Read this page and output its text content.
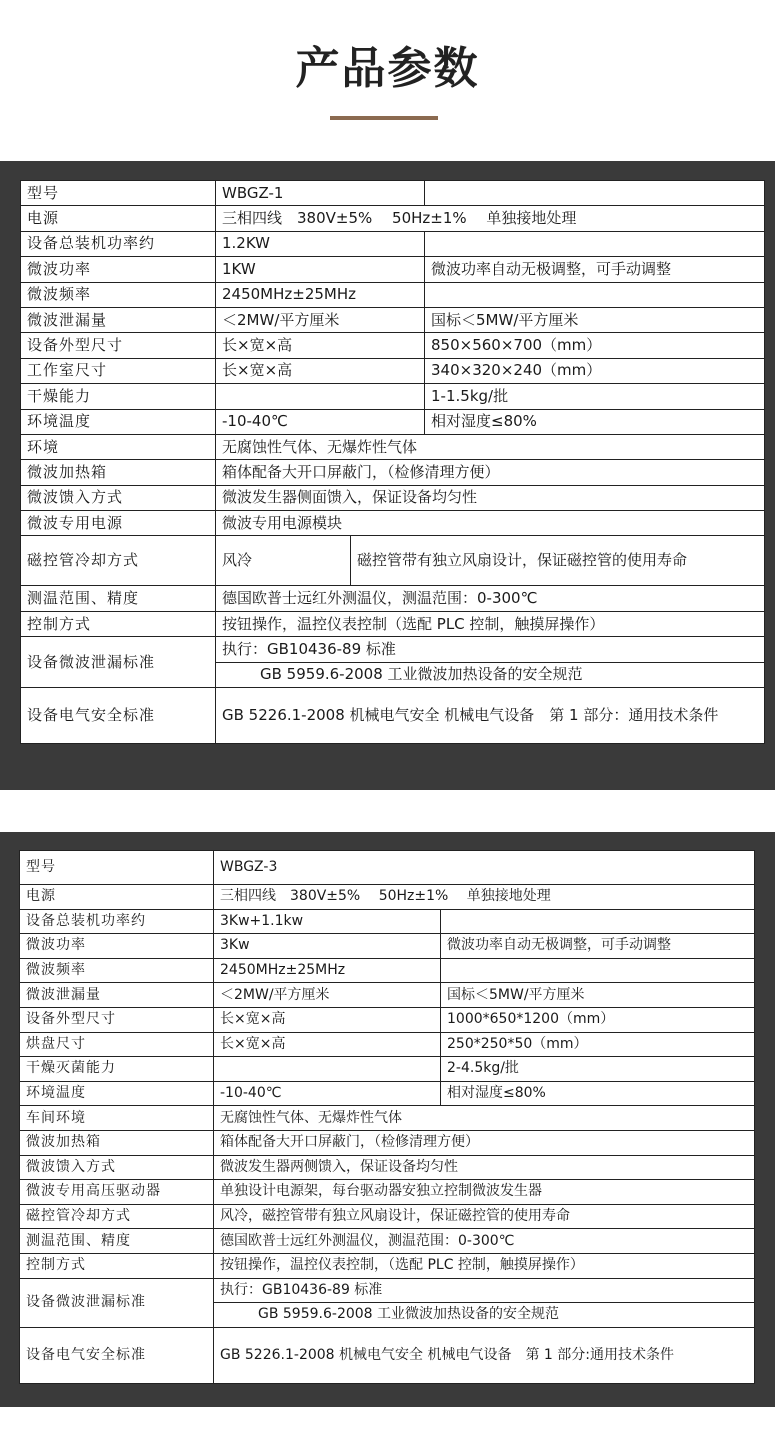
产品参数
型号	WBGZ-1		
电源	三相四线　380V±5%　 50Hz±1%　 单独接地处理		
设备总装机功率约	1.2KW		
微波功率	1KW		微波功率自动无极调整，可手动调整
微波频率	2450MHz±25MHz		
微波泄漏量	＜2MW/平方厘米		国标＜5MW/平方厘米
设备外型尺寸	长×宽×高		850×560×700（mm）
工作室尺寸	长×宽×高		340×320×240（mm）
干燥能力			1-1.5kg/批
环境温度	-10-40℃		相对湿度≤80%
环境	无腐蚀性气体、无爆炸性气体		
微波加热箱	箱体配备大开口屏蔽门，（检修清理方便）		
微波馈入方式	微波发生器侧面馈入，保证设备均匀性		
微波专用电源	微波专用电源模块		
磁控管冷却方式	风冷	磁控管带有独立风扇设计，保证磁控管的使用寿命	
测温范围、精度	德国欧普士远红外测温仪，测温范围：0-300℃		
控制方式	按钮操作，温控仪表控制（选配 PLC 控制，触摸屏操作）		
设备微波泄漏标准	执行：GB10436-89 标准		
	GB 5959.6-2008 工业微波加热设备的安全规范		
设备电气安全标准	GB 5226.1-2008 机械电气安全 机械电气设备　第 1 部分：通用技术条件		
型号	WBGZ-3	
电源	三相四线　380V±5%　 50Hz±1%　 单独接地处理	
设备总装机功率约	3Kw+1.1kw	
微波功率	3Kw	微波功率自动无极调整，可手动调整
微波频率	2450MHz±25MHz	
微波泄漏量	＜2MW/平方厘米	国标＜5MW/平方厘米
设备外型尺寸	长×宽×高	1000*650*1200（mm）
烘盘尺寸	长×宽×高	250*250*50（mm）
干燥灭菌能力		2-4.5kg/批
环境温度	-10-40℃	相对湿度≤80%
车间环境	无腐蚀性气体、无爆炸性气体	
微波加热箱	箱体配备大开口屏蔽门，（检修清理方便）	
微波馈入方式	微波发生器两侧馈入，保证设备均匀性	
微波专用高压驱动器	单独设计电源架，每台驱动器安独立控制微波发生器	
磁控管冷却方式	风冷，磁控管带有独立风扇设计，保证磁控管的使用寿命	
测温范围、精度	德国欧普士远红外测温仪，测温范围：0-300℃	
控制方式	按钮操作，温控仪表控制，（选配 PLC 控制，触摸屏操作）	
设备微波泄漏标准	执行：GB10436-89 标准	
	GB 5959.6-2008 工业微波加热设备的安全规范	
设备电气安全标准	GB 5226.1-2008 机械电气安全 机械电气设备　第 1 部分:通用技术条件	
